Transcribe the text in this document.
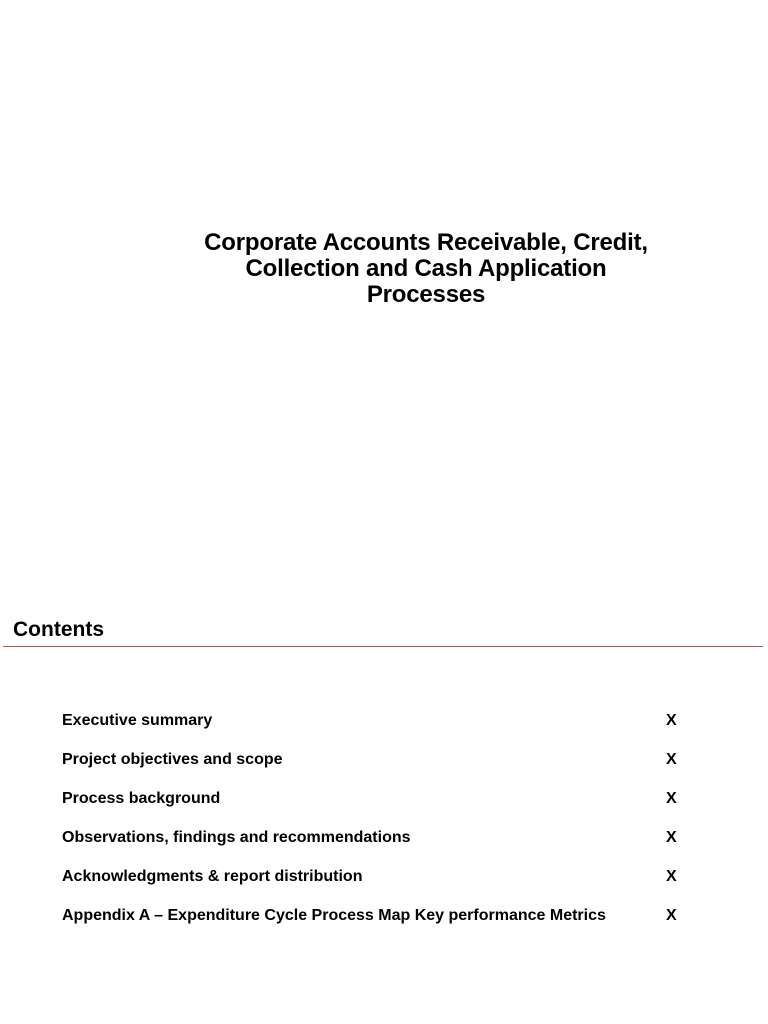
Corporate Accounts Receivable, Credit,
Collection and Cash Application
Processes
Contents
Executive summary	X
Project objectives and scope	X
Process background	X
Observations, findings and recommendations	X
Acknowledgments & report distribution	X
Appendix A – Expenditure Cycle Process Map Key performance Metrics	X
